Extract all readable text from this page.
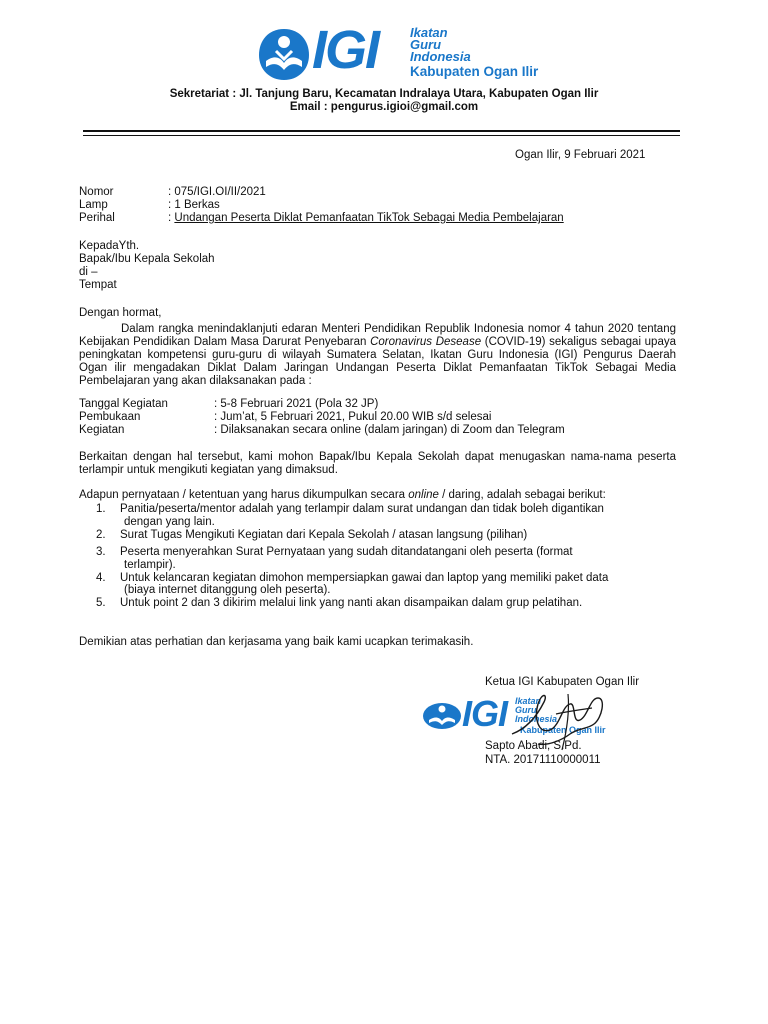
IGI Ikatan
Guru
Indonesia
Kabupaten Ogan Ilir
Sekretariat : Jl. Tanjung Baru, Kecamatan Indralaya Utara, Kabupaten Ogan Ilir
Email : pengurus.igioi@gmail.com
Ogan Ilir, 9 Februari 2021
Nomor	: 075/IGI.OI/II/2021
Lamp	: 1 Berkas
Perihal	: Undangan Peserta Diklat Pemanfaatan TikTok Sebagai Media Pembelajaran
KepadaYth.
Bapak/Ibu Kepala Sekolah
di –
Tempat
Dengan hormat,
Dalam rangka menindaklanjuti edaran Menteri Pendidikan Republik Indonesia nomor 4 tahun 2020 tentang Kebijakan Pendidikan Dalam Masa Darurat Penyebaran Coronavirus Desease (COVID-19) sekaligus sebagai upaya peningkatan kompetensi guru-guru di wilayah Sumatera Selatan, Ikatan Guru Indonesia (IGI) Pengurus Daerah Ogan ilir mengadakan Diklat Dalam Jaringan Undangan Peserta Diklat Pemanfaatan TikTok Sebagai Media Pembelajaran yang akan dilaksanakan pada :
Tanggal Kegiatan	: 5-8 Februari 2021 (Pola 32 JP)
Pembukaan	: Jum’at, 5 Februari 2021, Pukul 20.00 WIB s/d selesai
Kegiatan	: Dilaksanakan secara online (dalam jaringan) di Zoom dan Telegram
Berkaitan dengan hal tersebut, kami mohon Bapak/Ibu Kepala Sekolah dapat menugaskan nama-nama peserta terlampir untuk mengikuti kegiatan yang dimaksud.
Adapun pernyataan / ketentuan yang harus dikumpulkan secara online / daring, adalah sebagai berikut:
1. Panitia/peserta/mentor adalah yang terlampir dalam surat undangan dan tidak boleh digantikan
dengan yang lain.
2. Surat Tugas Mengikuti Kegiatan dari Kepala Sekolah / atasan langsung (pilihan)
3. Peserta menyerahkan Surat Pernyataan yang sudah ditandatangani oleh peserta (format
terlampir).
4. Untuk kelancaran kegiatan dimohon mempersiapkan gawai dan laptop yang memiliki paket data
(biaya internet ditanggung oleh peserta).
5. Untuk point 2 dan 3 dikirim melalui link yang nanti akan disampaikan dalam grup pelatihan.
Demikian atas perhatian dan kerjasama yang baik kami ucapkan terimakasih.
Ketua IGI Kabupaten Ogan Ilir
IGI Ikatan
Guru
Indonesia
Kabupaten Ogan Ilir
Sapto Abadi, S.Pd.
NTA. 20171110000011
